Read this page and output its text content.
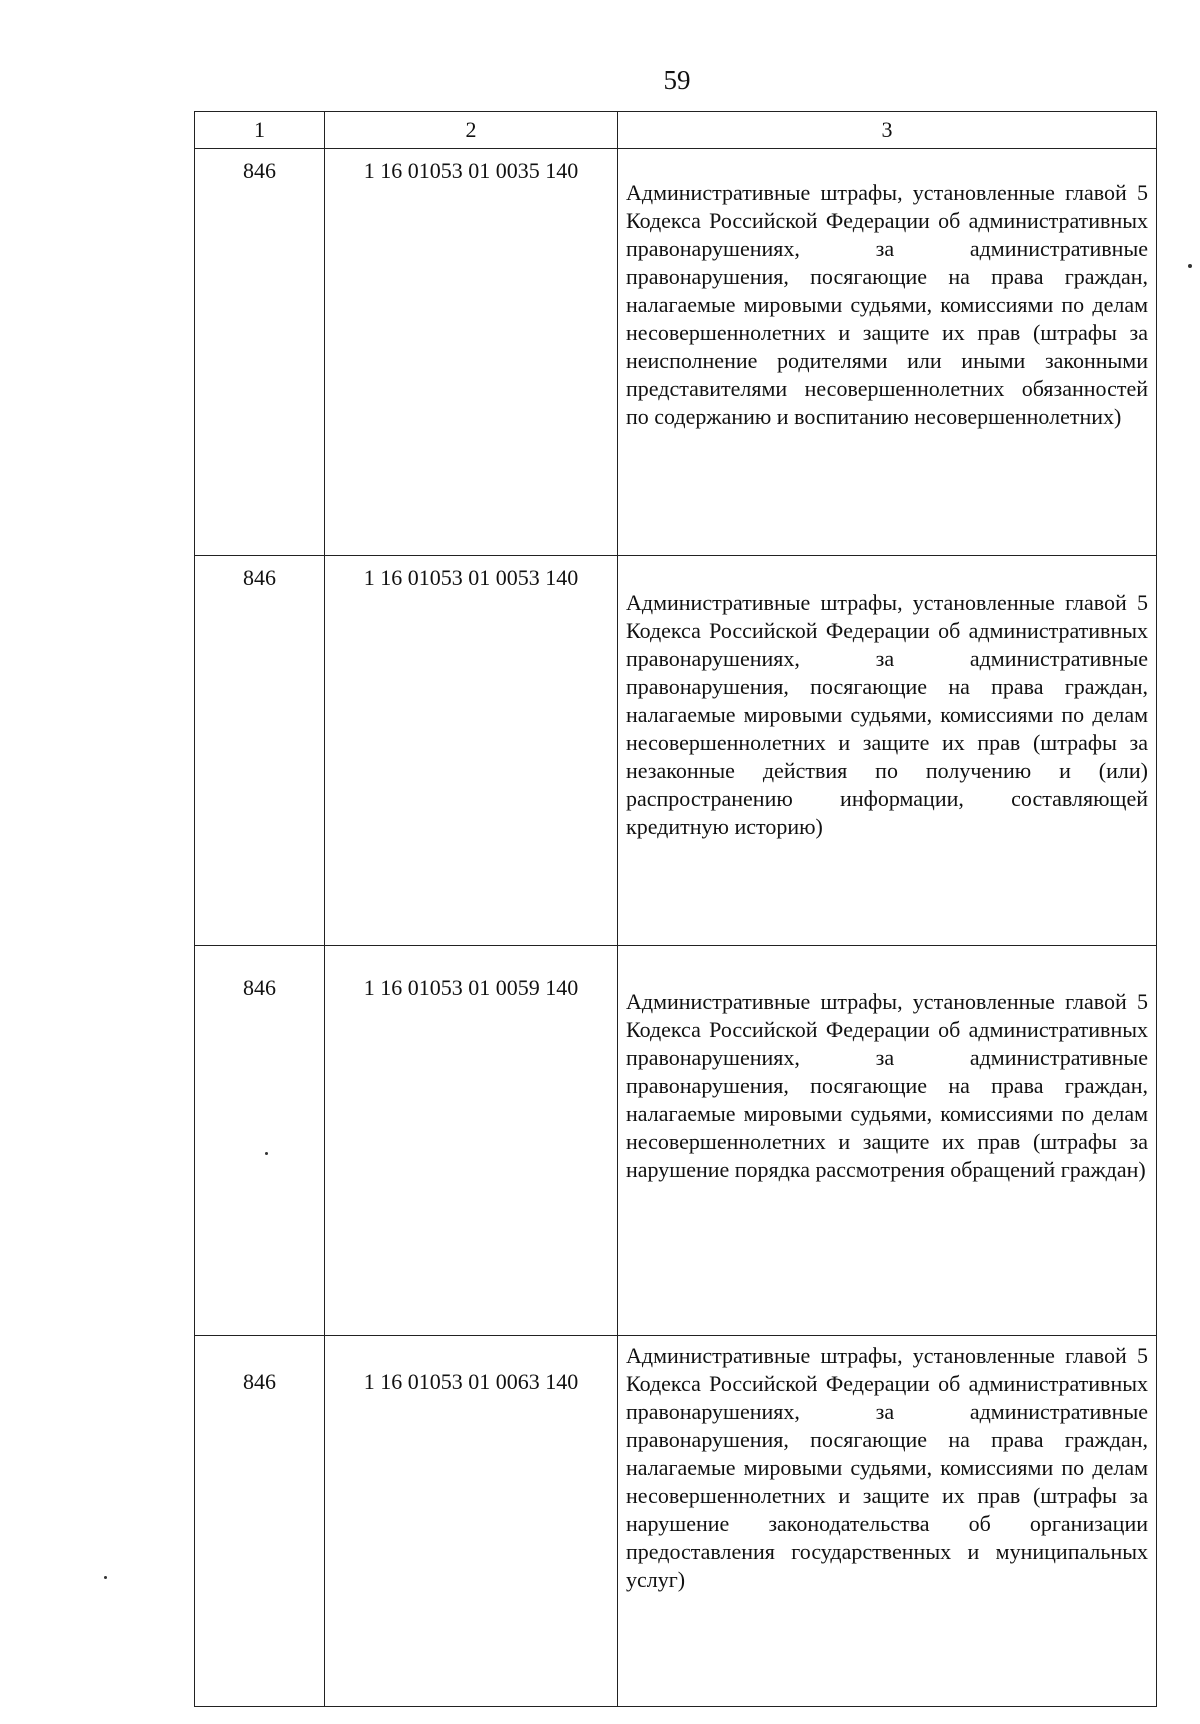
59
1	2	3
846	1 16 01053 01 0035 140	Административные штрафы, установленные главой 5 Кодекса Российской Федерации об административных правонарушениях, за административные правонарушения, посягающие на права граждан, налагаемые мировыми судьями, комиссиями по делам несовершеннолетних и защите их прав (штрафы за неисполнение родителями или иными законными представителями несовершеннолетних обязанностей по содержанию и воспитанию несовершеннолетних)

846	1 16 01053 01 0053 140	Административные штрафы, установленные главой 5 Кодекса Российской Федерации об административных правонарушениях, за административные правонарушения, посягающие на права граждан, налагаемые мировыми судьями, комиссиями по делам несовершеннолетних и защите их прав (штрафы за незаконные действия по получению и (или) распространению информации, составляющей кредитную историю)

846	1 16 01053 01 0059 140	Административные штрафы, установленные главой 5 Кодекса Российской Федерации об административных правонарушениях, за административные правонарушения, посягающие на права граждан, налагаемые мировыми судьями, комиссиями по делам несовершеннолетних и защите их прав (штрафы за нарушение порядка рассмотрения обращений граждан)

846	1 16 01053 01 0063 140	Административные штрафы, установленные главой 5 Кодекса Российской Федерации об административных правонарушениях, за административные правонарушения, посягающие на права граждан, налагаемые мировыми судьями, комиссиями по делам несовершеннолетних и защите их прав (штрафы за нарушение законодательства об организации предоставления государственных и муниципальных услуг)
